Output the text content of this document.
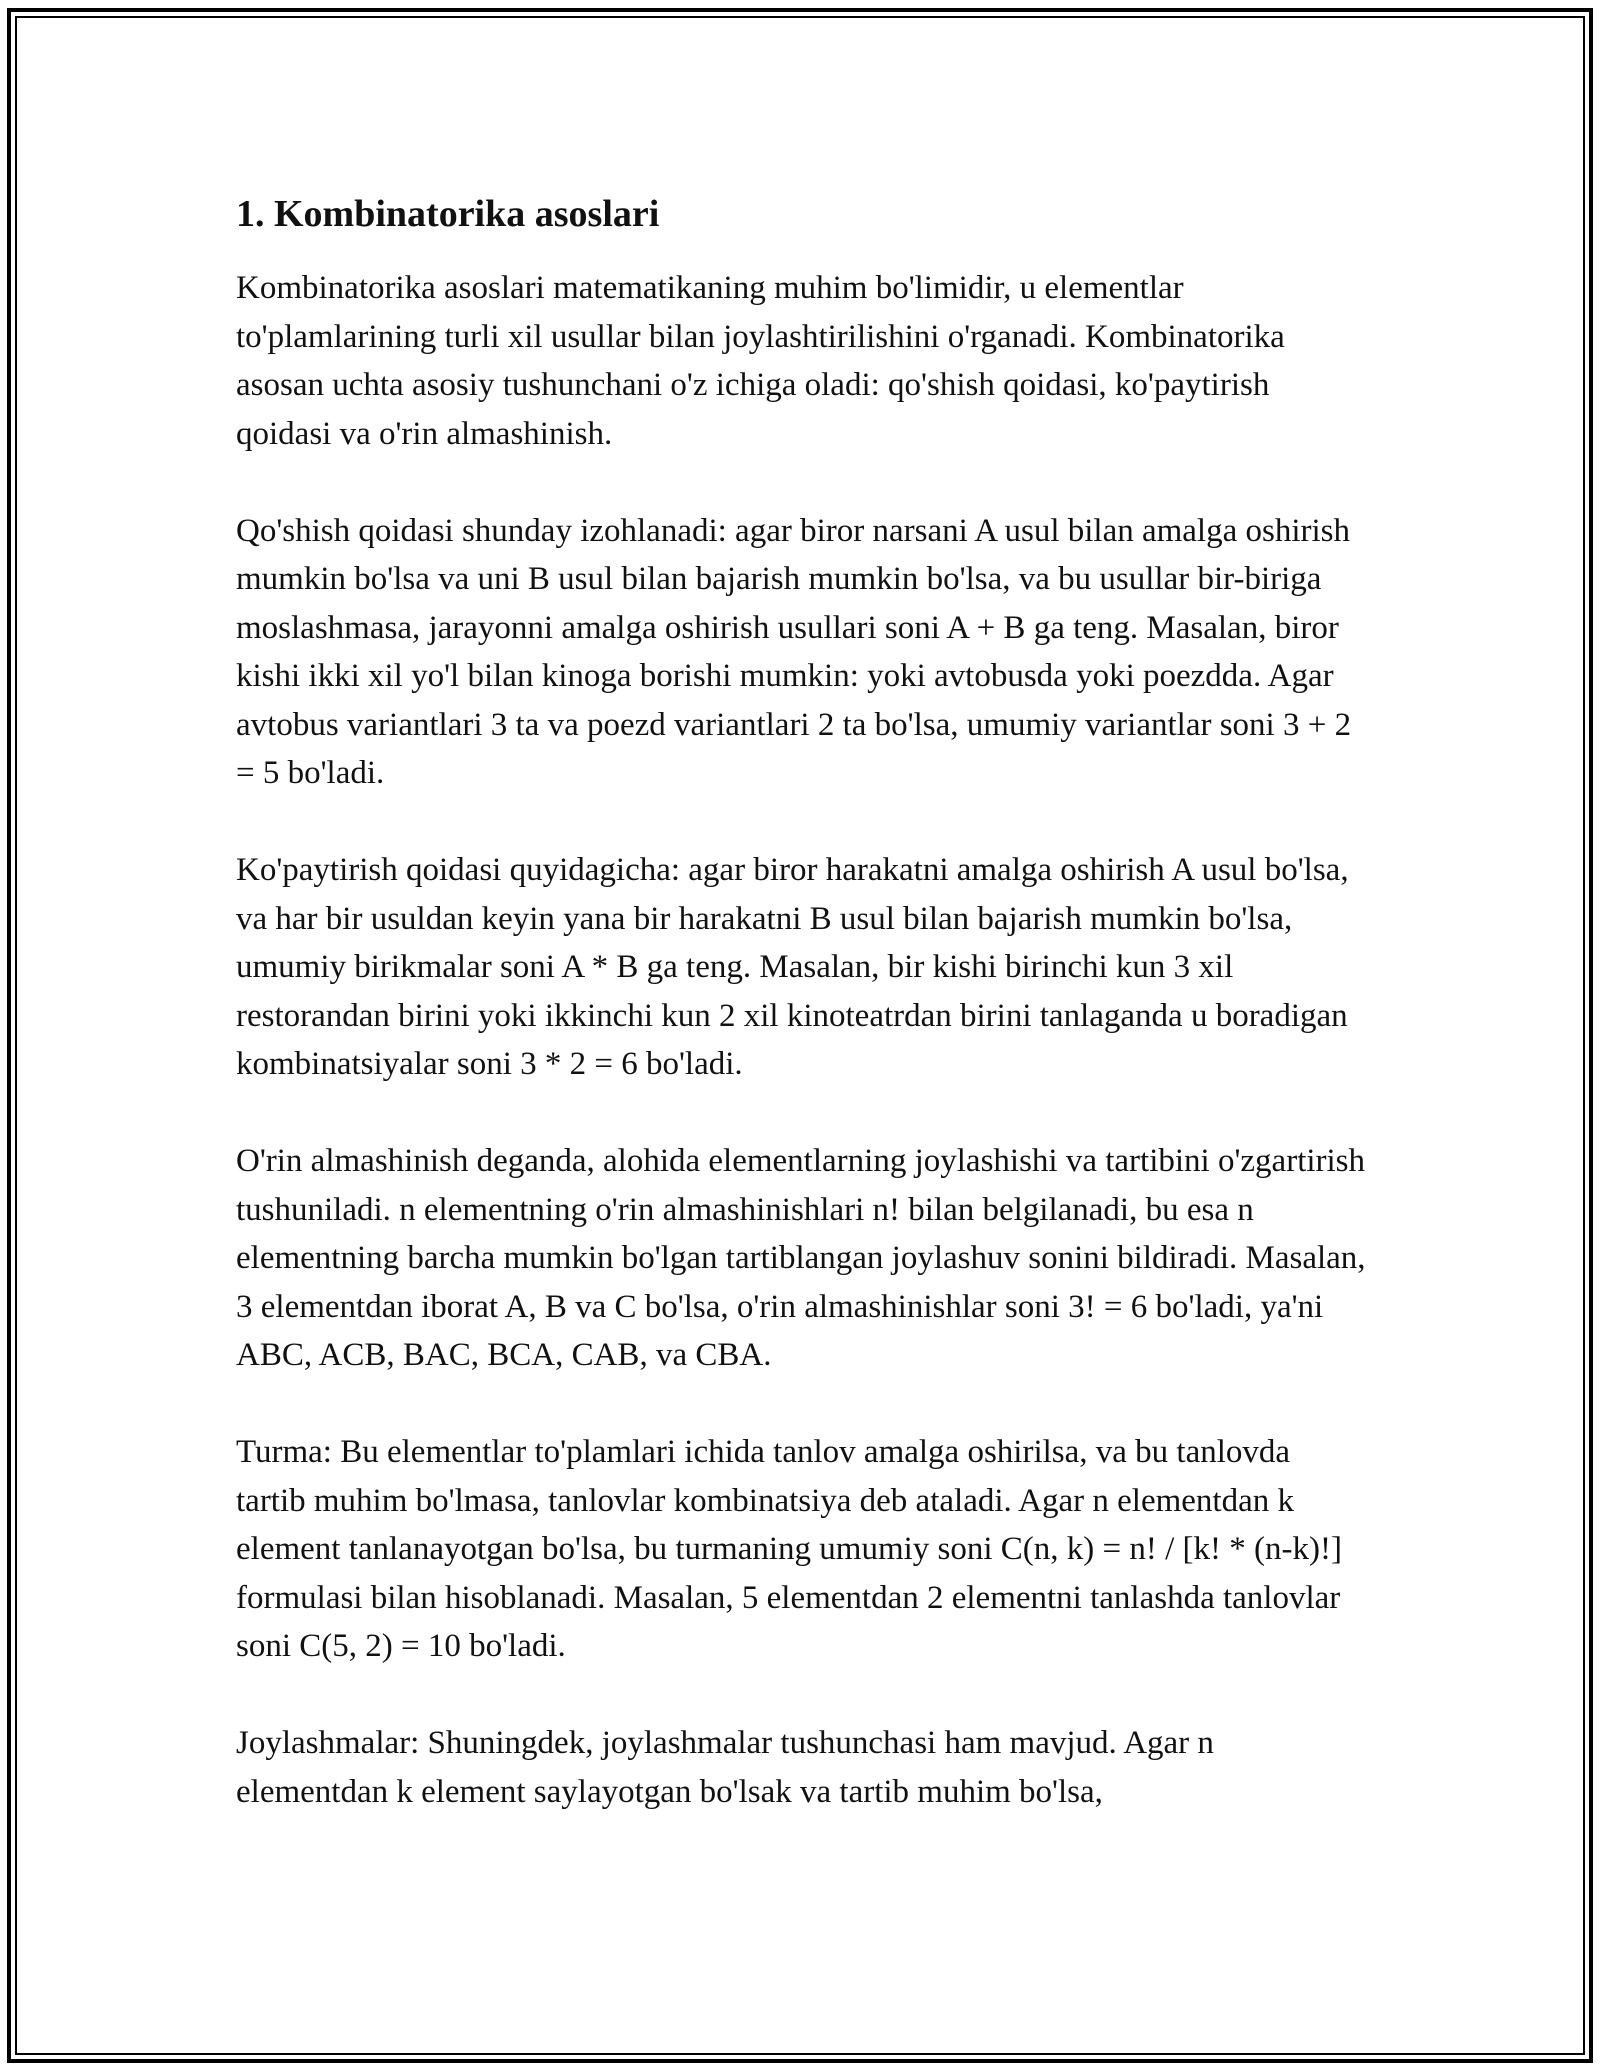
1. Kombinatorika asoslari

Kombinatorika asoslari matematikaning muhim bo'limidir, u elementlar to'plamlarining turli xil usullar bilan joylashtirilishini o'rganadi. Kombinatorika asosan uchta asosiy tushunchani o'z ichiga oladi: qo'shish qoidasi, ko'paytirish qoidasi va o'rin almashinish.

Qo'shish qoidasi shunday izohlanadi: agar biror narsani A usul bilan amalga oshirish mumkin bo'lsa va uni B usul bilan bajarish mumkin bo'lsa, va bu usullar bir-biriga moslashmasa, jarayonni amalga oshirish usullari soni A + B ga teng. Masalan, biror kishi ikki xil yo'l bilan kinoga borishi mumkin: yoki avtobusda yoki poezdda. Agar avtobus variantlari 3 ta va poezd variantlari 2 ta bo'lsa, umumiy variantlar soni 3 + 2 = 5 bo'ladi.

Ko'paytirish qoidasi quyidagicha: agar biror harakatni amalga oshirish A usul bo'lsa, va har bir usuldan keyin yana bir harakatni B usul bilan bajarish mumkin bo'lsa, umumiy birikmalar soni A * B ga teng. Masalan, bir kishi birinchi kun 3 xil restorandan birini yoki ikkinchi kun 2 xil kinoteatrdan birini tanlaganda u boradigan kombinatsiyalar soni 3 * 2 = 6 bo'ladi.

O'rin almashinish deganda, alohida elementlarning joylashishi va tartibini o'zgartirish tushuniladi. n elementning o'rin almashinishlari n! bilan belgilanadi, bu esa n elementning barcha mumkin bo'lgan tartiblangan joylashuv sonini bildiradi. Masalan, 3 elementdan iborat A, B va C bo'lsa, o'rin almashinishlar soni 3! = 6 bo'ladi, ya'ni ABC, ACB, BAC, BCA, CAB, va CBA.

Turma: Bu elementlar to'plamlari ichida tanlov amalga oshirilsa, va bu tanlovda tartib muhim bo'lmasa, tanlovlar kombinatsiya deb ataladi. Agar n elementdan k element tanlanayotgan bo'lsa, bu turmaning umumiy soni C(n, k) = n! / [k! * (n-k)!] formulasi bilan hisoblanadi. Masalan, 5 elementdan 2 elementni tanlashda tanlovlar soni C(5, 2) = 10 bo'ladi.

Joylashmalar: Shuningdek, joylashmalar tushunchasi ham mavjud. Agar n elementdan k element saylayotgan bo'lsak va tartib muhim bo'lsa,
